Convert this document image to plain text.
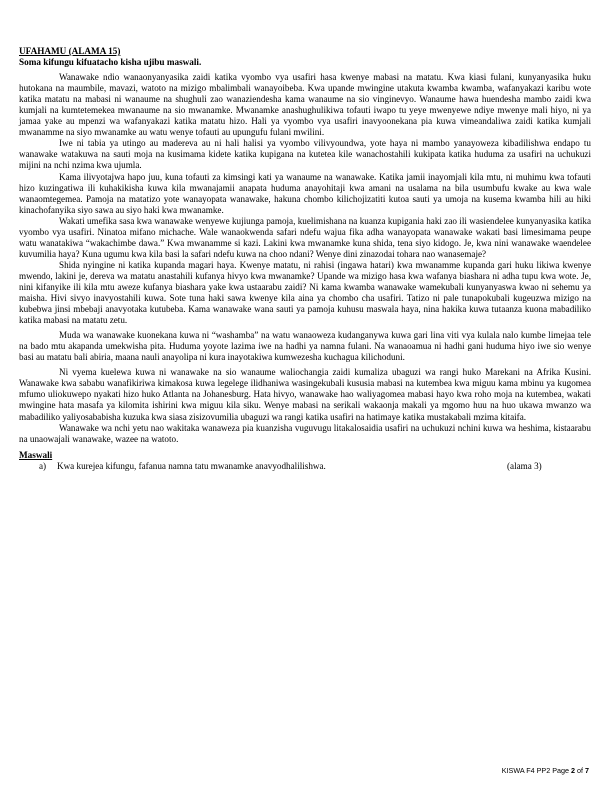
UFAHAMU (ALAMA 15)

Soma kifungu kifuatacho kisha ujibu maswali.

Wanawake ndio wanaonyanyasika zaidi katika vyombo vya usafiri hasa kwenye mabasi na matatu. Kwa kiasi fulani, kunyanyasika huku hutokana na maumbile, mavazi, watoto na mizigo mbalimbali wanayoibeba. Kwa upande mwingine utakuta kwamba kwamba, wafanyakazi karibu wote katika matatu na mabasi ni wanaume na shughuli zao wanaziendesha kama wanaume na sio vinginevyo. Wanaume hawa huendesha mambo zaidi kwa kumjali na kumtetemekea mwanaume na sio mwanamke. Mwanamke anashughulikiwa tofauti iwapo tu yeye mwenyewe ndiye mwenye mali hiyo, ni ya jamaa yake au mpenzi wa wafanyakazi katika matatu hizo. Hali ya vyombo vya usafiri inavyoonekana pia kuwa vimeandaliwa zaidi katika kumjali mwanamme na siyo mwanamke au watu wenye tofauti au upungufu fulani mwilini.

Iwe ni tabia ya utingo au madereva au ni hali halisi ya vyombo vilivyoundwa, yote haya ni mambo yanayoweza kibadilishwa endapo tu wanawake watakuwa na sauti moja na kusimama kidete katika kupigana na kutetea kile wanachostahili kukipata katika huduma za usafiri na uchukuzi mijini na nchi nzima kwa ujumla.

Kama ilivyotajwa hapo juu, kuna tofauti za kimsingi kati ya wanaume na wanawake. Katika jamii inayomjali kila mtu, ni muhimu kwa tofauti hizo kuzingatiwa ili kuhakikisha kuwa kila mwanajamii anapata huduma anayohitaji kwa amani na usalama na bila usumbufu kwake au kwa wale wanaomtegemea. Pamoja na matatizo yote wanayopata wanawake, hakuna chombo kilichojizatiti kutoa sauti ya umoja na kusema kwamba hili au hiki kinachofanyika siyo sawa au siyo haki kwa mwanamke.

Wakati umefika sasa kwa wanawake wenyewe kujiunga pamoja, kuelimishana na kuanza kupigania haki zao ili wasiendelee kunyanyasika katika vyombo vya usafiri. Ninatoa mifano michache. Wale wanaokwenda safari ndefu wajua fika adha wanayopata wanawake wakati basi limesimama peupe watu wanatakiwa “wakachimbe dawa.” Kwa mwanamme si kazi. Lakini kwa mwanamke kuna shida, tena siyo kidogo. Je, kwa nini wanawake waendelee kuvumilia haya? Kuna ugumu kwa kila basi la safari ndefu kuwa na choo ndani? Wenye dini zinazodai tohara nao wanasemaje?

Shida nyingine ni katika kupanda magari haya. Kwenye matatu, ni rahisi (ingawa hatari) kwa mwanamme kupanda gari huku likiwa kwenye mwendo, lakini je, dereva wa matatu anastahili kufanya hivyo kwa mwanamke? Upande wa mizigo hasa kwa wafanya biashara ni adha tupu kwa wote. Je, nini kifanyike ili kila mtu aweze kufanya biashara yake kwa ustaarabu zaidi? Ni kama kwamba wanawake wamekubali kunyanyaswa kwao ni sehemu ya maisha. Hivi sivyo inavyostahili kuwa. Sote tuna haki sawa kwenye kila aina ya chombo cha usafiri. Tatizo ni pale tunapokubali kugeuzwa mizigo na kubebwa jinsi mbebaji anavyotaka kutubeba. Kama wanawake wana sauti ya pamoja kuhusu maswala haya, nina hakika kuwa tutaanza kuona mabadiliko katika mabasi na matatu zetu.

Muda wa wanawake kuonekana kuwa ni “washamba” na watu wanaoweza kudanganywa kuwa gari lina viti vya kulala nalo kumbe limejaa tele na bado mtu akapanda umekwisha pita. Huduma yoyote lazima iwe na hadhi ya namna fulani. Na wanaoamua ni hadhi gani huduma hiyo iwe sio wenye basi au matatu bali abiria, maana nauli anayolipa ni kura inayotakiwa kumwezesha kuchagua kilichoduni.

Ni vyema kuelewa kuwa ni wanawake na sio wanaume waliochangia zaidi kumaliza ubaguzi wa rangi huko Marekani na Afrika Kusini. Wanawake kwa sababu wanafikiriwa kimakosa kuwa legelege ilidhaniwa wasingekubali kususia mabasi na kutembea kwa miguu kama mbinu ya kugomea mfumo uliokuwepo nyakati hizo huko Atlanta na Johanesburg. Hata hivyo, wanawake hao waliyagomea mabasi hayo kwa roho moja na kutembea, wakati mwingine hata masafa ya kilomita ishirini kwa miguu kila siku. Wenye mabasi na serikali wakaonja makali ya mgomo huu na huo ukawa mwanzo wa mabadiliko yaliyosababisha kuzuka kwa siasa zisizovumilia ubaguzi wa rangi katika usafiri na hatimaye katika mustakabali mzima kitaifa.

Wanawake wa nchi yetu nao wakitaka wanaweza pia kuanzisha vuguvugu litakalosaidia usafiri na uchukuzi nchini kuwa wa heshima, kistaarabu na unaowajali wanawake, wazee na watoto.

Maswali

a) Kwa kurejea kifungu, fafanua namna tatu mwanamke anavyodhalilishwa.	(alama 3)
KISWA F4 PP2 Page 2 of 7
